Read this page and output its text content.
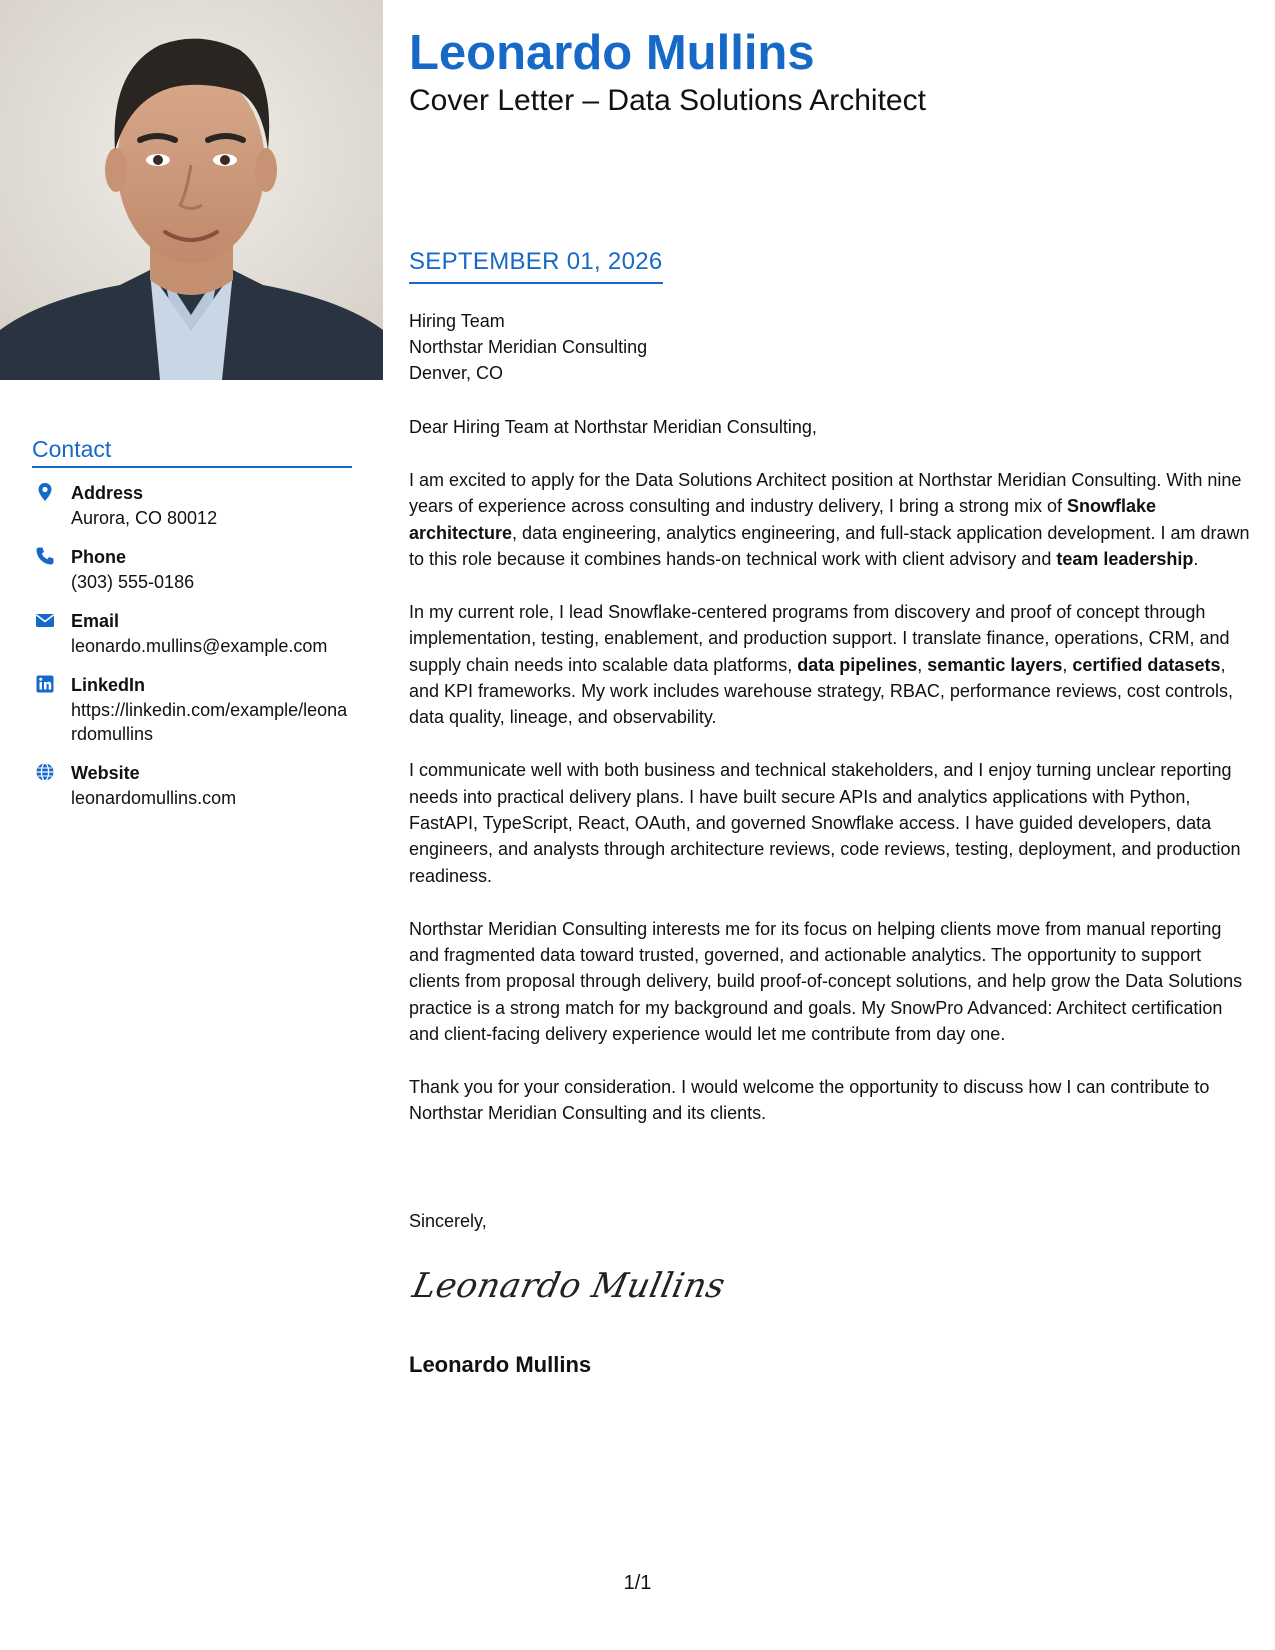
Contact
Address
Aurora, CO 80012
Phone
(303) 555-0186
Email
leonardo.mullins@example.com
LinkedIn
https://linkedin.com/example/leonardomullins
Website
leonardomullins.com
Leonardo Mullins
Cover Letter – Data Solutions Architect
SEPTEMBER 01, 2026
Hiring Team
Northstar Meridian Consulting
Denver, CO

Dear Hiring Team at Northstar Meridian Consulting,

I am excited to apply for the Data Solutions Architect position at Northstar Meridian Consulting. With nine years of experience across consulting and industry delivery, I bring a strong mix of Snowflake architecture, data engineering, analytics engineering, and full-stack application development. I am drawn to this role because it combines hands-on technical work with client advisory and team leadership.

In my current role, I lead Snowflake-centered programs from discovery and proof of concept through implementation, testing, enablement, and production support. I translate finance, operations, CRM, and supply chain needs into scalable data platforms, data pipelines, semantic layers, certified datasets, and KPI frameworks. My work includes warehouse strategy, RBAC, performance reviews, cost controls, data quality, lineage, and observability.

I communicate well with both business and technical stakeholders, and I enjoy turning unclear reporting needs into practical delivery plans. I have built secure APIs and analytics applications with Python, FastAPI, TypeScript, React, OAuth, and governed Snowflake access. I have guided developers, data engineers, and analysts through architecture reviews, code reviews, testing, deployment, and production readiness.

Northstar Meridian Consulting interests me for its focus on helping clients move from manual reporting and fragmented data toward trusted, governed, and actionable analytics. The opportunity to support clients from proposal through delivery, build proof-of-concept solutions, and help grow the Data Solutions practice is a strong match for my background and goals. My SnowPro Advanced: Architect certification and client-facing delivery experience would let me contribute from day one.

Thank you for your consideration. I would welcome the opportunity to discuss how I can contribute to Northstar Meridian Consulting and its clients.

Sincerely,
Leonardo Mullins
Leonardo Mullins
1/1
